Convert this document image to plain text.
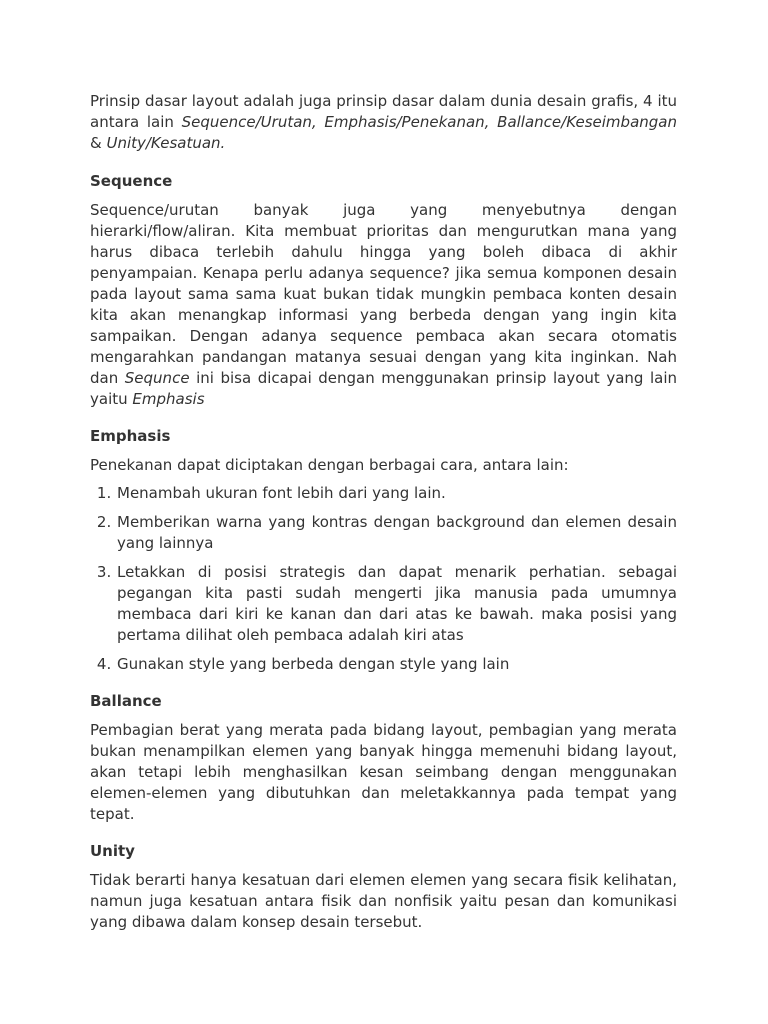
Prinsip dasar layout adalah juga prinsip dasar dalam dunia desain grafis, 4 itu antara lain Sequence/Urutan, Emphasis/Penekanan, Ballance/Keseimbangan & Unity/Kesatuan.

Sequence

Sequence/urutan banyak juga yang menyebutnya dengan hierarki/flow/aliran. Kita membuat prioritas dan mengurutkan mana yang harus dibaca terlebih dahulu hingga yang boleh dibaca di akhir penyampaian. Kenapa perlu adanya sequence? jika semua komponen desain pada layout sama sama kuat bukan tidak mungkin pembaca konten desain kita akan menangkap informasi yang berbeda dengan yang ingin kita sampaikan. Dengan adanya sequence pembaca akan secara otomatis mengarahkan pandangan matanya sesuai dengan yang kita inginkan. Nah dan Sequnce ini bisa dicapai dengan menggunakan prinsip layout yang lain yaitu Emphasis

Emphasis

Penekanan dapat diciptakan dengan berbagai cara, antara lain:

1. Menambah ukuran font lebih dari yang lain.
2. Memberikan warna yang kontras dengan background dan elemen desain yang lainnya
3. Letakkan di posisi strategis dan dapat menarik perhatian. sebagai pegangan kita pasti sudah mengerti jika manusia pada umumnya membaca dari kiri ke kanan dan dari atas ke bawah. maka posisi yang pertama dilihat oleh pembaca adalah kiri atas
4. Gunakan style yang berbeda dengan style yang lain
Ballance

Pembagian berat yang merata pada bidang layout, pembagian yang merata bukan menampilkan elemen yang banyak hingga memenuhi bidang layout, akan tetapi lebih menghasilkan kesan seimbang dengan menggunakan elemen-elemen yang dibutuhkan dan meletakkannya pada tempat yang tepat.

Unity

Tidak berarti hanya kesatuan dari elemen elemen yang secara fisik kelihatan, namun juga kesatuan antara fisik dan nonfisik yaitu pesan dan komunikasi yang dibawa dalam konsep desain tersebut.
